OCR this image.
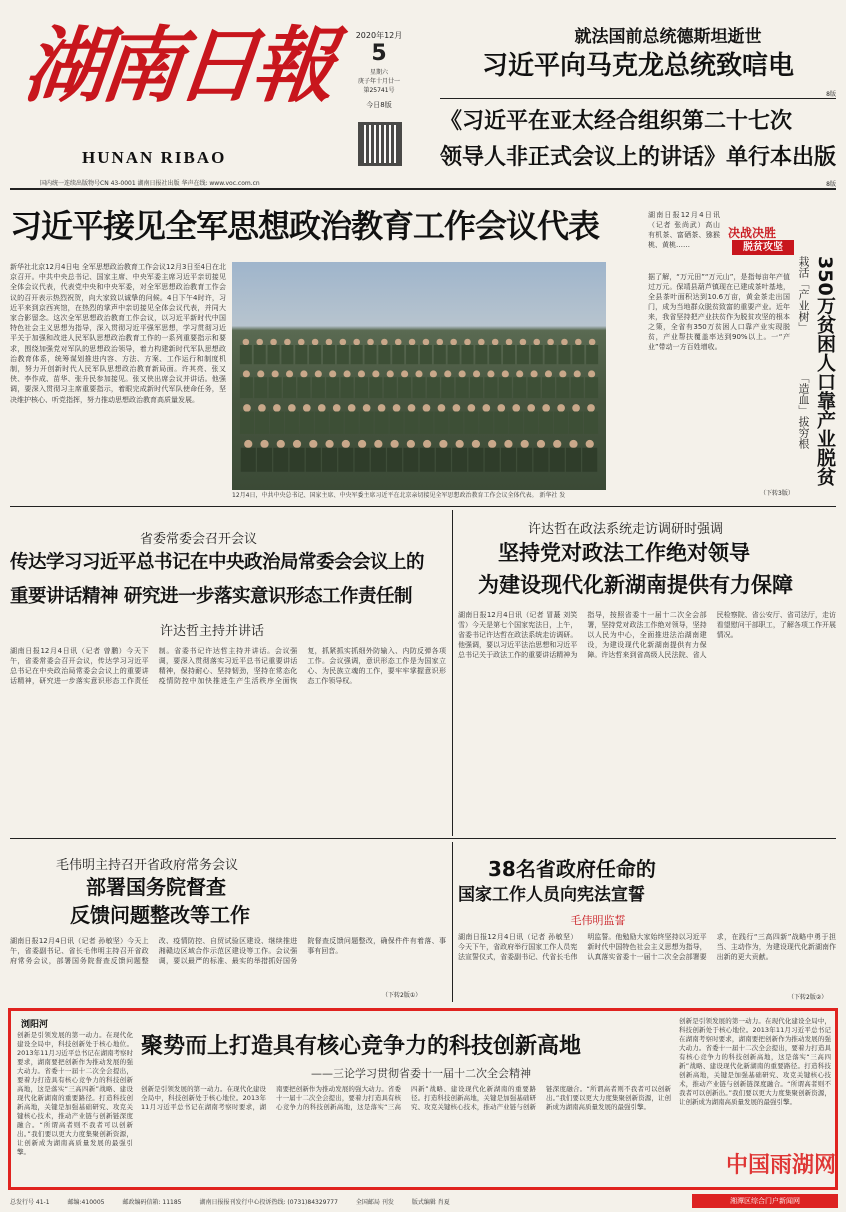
湖南日報
HUNAN RIBAO
2020年12月
5
星期六
庚子年十月廿一
第25741号
今日8版
国内统一连续出版物号CN 43-0001 湖南日报社出版 华声在线: www.voc.com.cn
就法国前总统德斯坦逝世
习近平向马克龙总统致唁电
8版
《习近平在亚太经合组织第二十七次
领导人非正式会议上的讲话》单行本出版
8版
习近平接见全军思想政治教育工作会议代表
新华社北京12月4日电 全军思想政治教育工作会议12月3日至4日在北京召开。中共中央总书记、国家主席、中央军委主席习近平亲切接见全体会议代表，代表党中央和中央军委，对全军思想政治教育工作会议的召开表示热烈祝贺，向大家致以诚挚的问候。4日下午4时许，习近平来到京西宾馆，在热烈的掌声中亲切接见全体会议代表，并同大家合影留念。这次全军思想政治教育工作会议，以习近平新时代中国特色社会主义思想为指导，深入贯彻习近平强军思想，学习贯彻习近平关于加强和改进人民军队思想政治教育工作的一系列重要指示和要求，围绕加强党对军队的思想政治领导，着力构建新时代军队思想政治教育体系，统筹谋划推进内容、方法、方案、工作运行和制度机制，努力开创新时代人民军队思想政治教育新局面。许其亮、张又侠、李作成、苗华、张升民参加接见。张又侠出席会议并讲话。他强调，要深入贯彻习主席重要指示，着眼完成新时代军队使命任务，坚决维护核心、听党指挥，努力推动思想政治教育高质量发展。
12月4日，中共中央总书记、国家主席、中央军委主席习近平在北京亲切接见全军思想政治教育工作会议全体代表。 新华社 发
湖南日报12月4日讯（记者 张尚武）高山有机茶、富硒茶、猕猴桃、黄桃……
决战决胜
脱贫攻坚
栽活「产业树」 350万贫困人口靠产业脱贫
「造血」拔穷根
据了解，“万元田”“万元山”，是指每亩年产值过万元。保靖县葫芦镇现在已建成茶叶基地，全县茶叶面积达到10.6万亩，黄金茶走出国门，成为当地群众脱贫致富的重要产业。近年来，我省坚持把产业扶贫作为脱贫攻坚的根本之策，全省有350万贫困人口靠产业实现脱贫，产业帮扶覆盖率达到90%以上。一“产业”带动一方百姓增收。
（下转3版）
省委常委会召开会议
传达学习习近平总书记在中央政治局常委会会议上的
重要讲话精神 研究进一步落实意识形态工作责任制
许达哲主持并讲话
湖南日报12月4日讯（记者 曾鹏）今天下午，省委常委会召开会议，传达学习习近平总书记在中央政治局常委会会议上的重要讲话精神，研究进一步落实意识形态工作责任制。省委书记许达哲主持并讲话。会议强调，要深入贯彻落实习近平总书记重要讲话精神，保持耐心、坚持韧劲，坚持在常态化疫情防控中加快推进生产生活秩序全面恢复，抓紧抓实抓细外防输入、内防反弹各项工作。会议强调，意识形态工作是为国家立心、为民族立魂的工作，要牢牢掌握意识形态工作领导权。
许达哲在政法系统走访调研时强调
坚持党对政法工作绝对领导
为建设现代化新湖南提供有力保障
湖南日报12月4日讯（记者 冒蕞 刘笑雪）今天是第七个国家宪法日，上午，省委书记许达哲在政法系统走访调研。他强调，要以习近平法治思想和习近平总书记关于政法工作的重要讲话精神为指导，按照省委十一届十二次全会部署，坚持党对政法工作绝对领导，坚持以人民为中心，全面推进法治湖南建设，为建设现代化新湖南提供有力保障。许达哲来到省高级人民法院、省人民检察院、省公安厅、省司法厅，走访看望慰问干部职工，了解各项工作开展情况。
毛伟明主持召开省政府常务会议
部署国务院督查
反馈问题整改等工作
湖南日报12月4日讯（记者 孙敏坚）今天上午，省委副书记、省长毛伟明主持召开省政府常务会议，部署国务院督查反馈问题整改、疫情防控、自贸试验区建设、继续推进湘赣边区域合作示范区建设等工作。会议强调，要以最严的标准、最实的举措抓好国务院督查反馈问题整改，确保件件有着落、事事有回音。
（下转2版①）
38名省政府任命的
国家工作人员向宪法宣誓
毛伟明监誓
湖南日报12月4日讯（记者 孙敏坚）今天下午，省政府举行国家工作人员宪法宣誓仪式，省委副书记、代省长毛伟明监誓。他勉励大家始终坚持以习近平新时代中国特色社会主义思想为指导，认真落实省委十一届十二次全会部署要求，在践行“三高四新”战略中勇于担当、主动作为，为建设现代化新湖南作出新的更大贡献。
（下转2版②）
浏阳河
聚势而上打造具有核心竞争力的科技创新高地
——三论学习贯彻省委十一届十二次全会精神
创新是引领发展的第一动力。在现代化建设全局中，科技创新处于核心地位。2013年11月习近平总书记在湖南考察时要求，湖南要把创新作为推动发展的强大动力。省委十一届十二次全会提出，要着力打造具有核心竞争力的科技创新高地，这是落实“三高四新”战略、建设现代化新湖南的重要路径。打造科技创新高地，关键是加强基础研究、攻克关键核心技术，推动产业链与创新链深度融合。“所谓高者则不我者可以创新出。”我们要以更大力度集聚创新资源，让创新成为湖南高质量发展的最强引擎。
创新是引领发展的第一动力。在现代化建设全局中，科技创新处于核心地位。2013年11月习近平总书记在湖南考察时要求，湖南要把创新作为推动发展的强大动力。省委十一届十二次全会提出，要着力打造具有核心竞争力的科技创新高地，这是落实“三高四新”战略、建设现代化新湖南的重要路径。打造科技创新高地，关键是加强基础研究、攻克关键核心技术，推动产业链与创新链深度融合。“所谓高者则不我者可以创新出。”我们要以更大力度集聚创新资源，让创新成为湖南高质量发展的最强引擎。
创新是引领发展的第一动力。在现代化建设全局中，科技创新处于核心地位。2013年11月习近平总书记在湖南考察时要求，湖南要把创新作为推动发展的强大动力。省委十一届十二次全会提出，要着力打造具有核心竞争力的科技创新高地，这是落实“三高四新”战略、建设现代化新湖南的重要路径。打造科技创新高地，关键是加强基础研究、攻克关键核心技术，推动产业链与创新链深度融合。“所谓高者则不我者可以创新出。”我们要以更大力度集聚创新资源，让创新成为湖南高质量发展的最强引擎。
中国雨湖网
湘潭区综合门户新闻网
总发行号 41-1	邮编:410005	邮政编码信箱: 11185	湖南日报报刊发行中心投诉热线: (0731)84329777	全国邮局 刊发	版式编辑 肖夏
